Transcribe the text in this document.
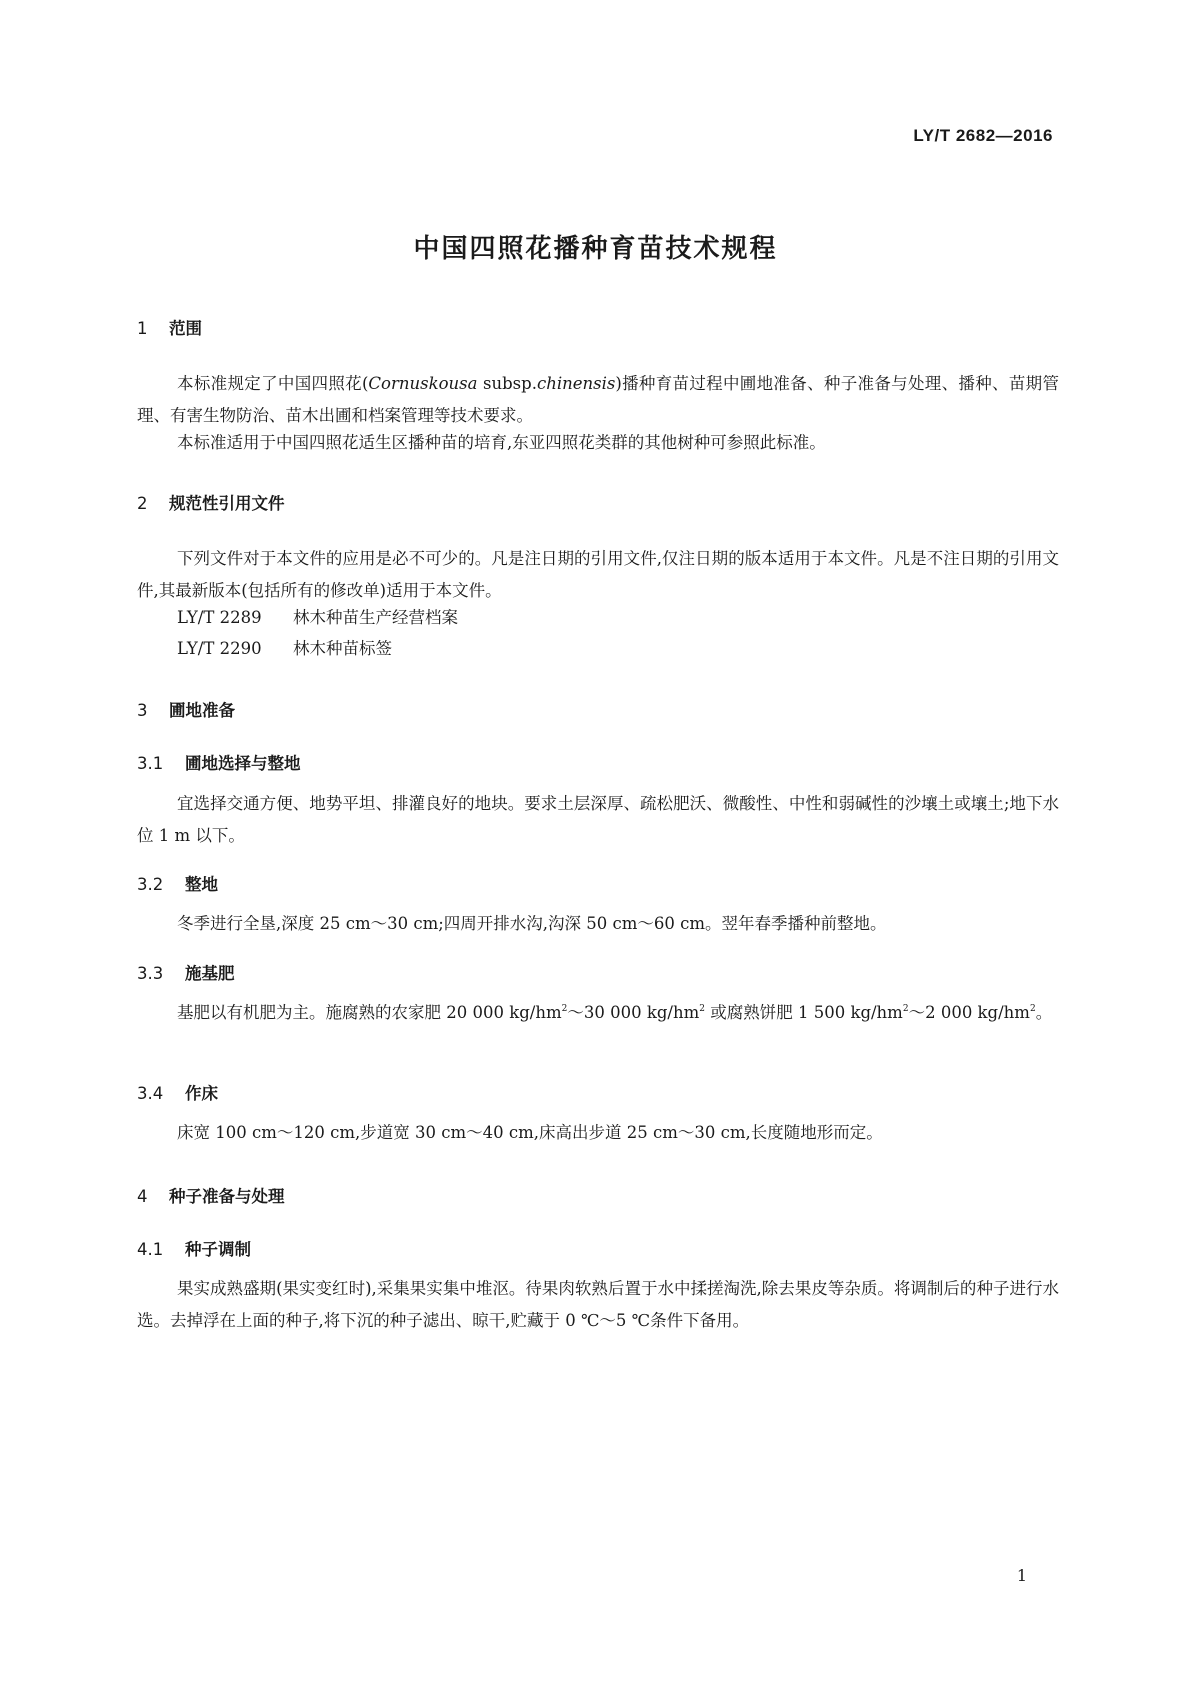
LY/T 2682—2016
中国四照花播种育苗技术规程
1 范围
本标准规定了中国四照花(Cornuskousa subsp.chinensis)播种育苗过程中圃地准备、种子准备与处理、播种、苗期管理、有害生物防治、苗木出圃和档案管理等技术要求。
本标准适用于中国四照花适生区播种苗的培育,东亚四照花类群的其他树种可参照此标准。
2 规范性引用文件
下列文件对于本文件的应用是必不可少的。凡是注日期的引用文件,仅注日期的版本适用于本文件。凡是不注日期的引用文件,其最新版本(包括所有的修改单)适用于本文件。
LY/T 2289 林木种苗生产经营档案
LY/T 2290 林木种苗标签
3 圃地准备
3.1 圃地选择与整地
宜选择交通方便、地势平坦、排灌良好的地块。要求土层深厚、疏松肥沃、微酸性、中性和弱碱性的沙壤土或壤土;地下水位 1 m 以下。
3.2 整地
冬季进行全垦,深度 25 cm～30 cm;四周开排水沟,沟深 50 cm～60 cm。翌年春季播种前整地。
3.3 施基肥
基肥以有机肥为主。施腐熟的农家肥 20 000 $kg/hm^2\sim 30$ 000 $kg/hm^2$ 或腐熟饼肥 1 500 $kg/hm^2\sim 2$ 000 $kg/hm^2$。
3.4 作床
床宽 100 cm～120 cm,步道宽 30 cm～40 cm,床高出步道 25 cm～30 cm,长度随地形而定。
4 种子准备与处理
4.1 种子调制
果实成熟盛期(果实变红时),采集果实集中堆沤。待果肉软熟后置于水中揉搓淘洗,除去果皮等杂质。将调制后的种子进行水选。去掉浮在上面的种子,将下沉的种子滤出、晾干,贮藏于 0 ℃～5 ℃条件下备用。
1
